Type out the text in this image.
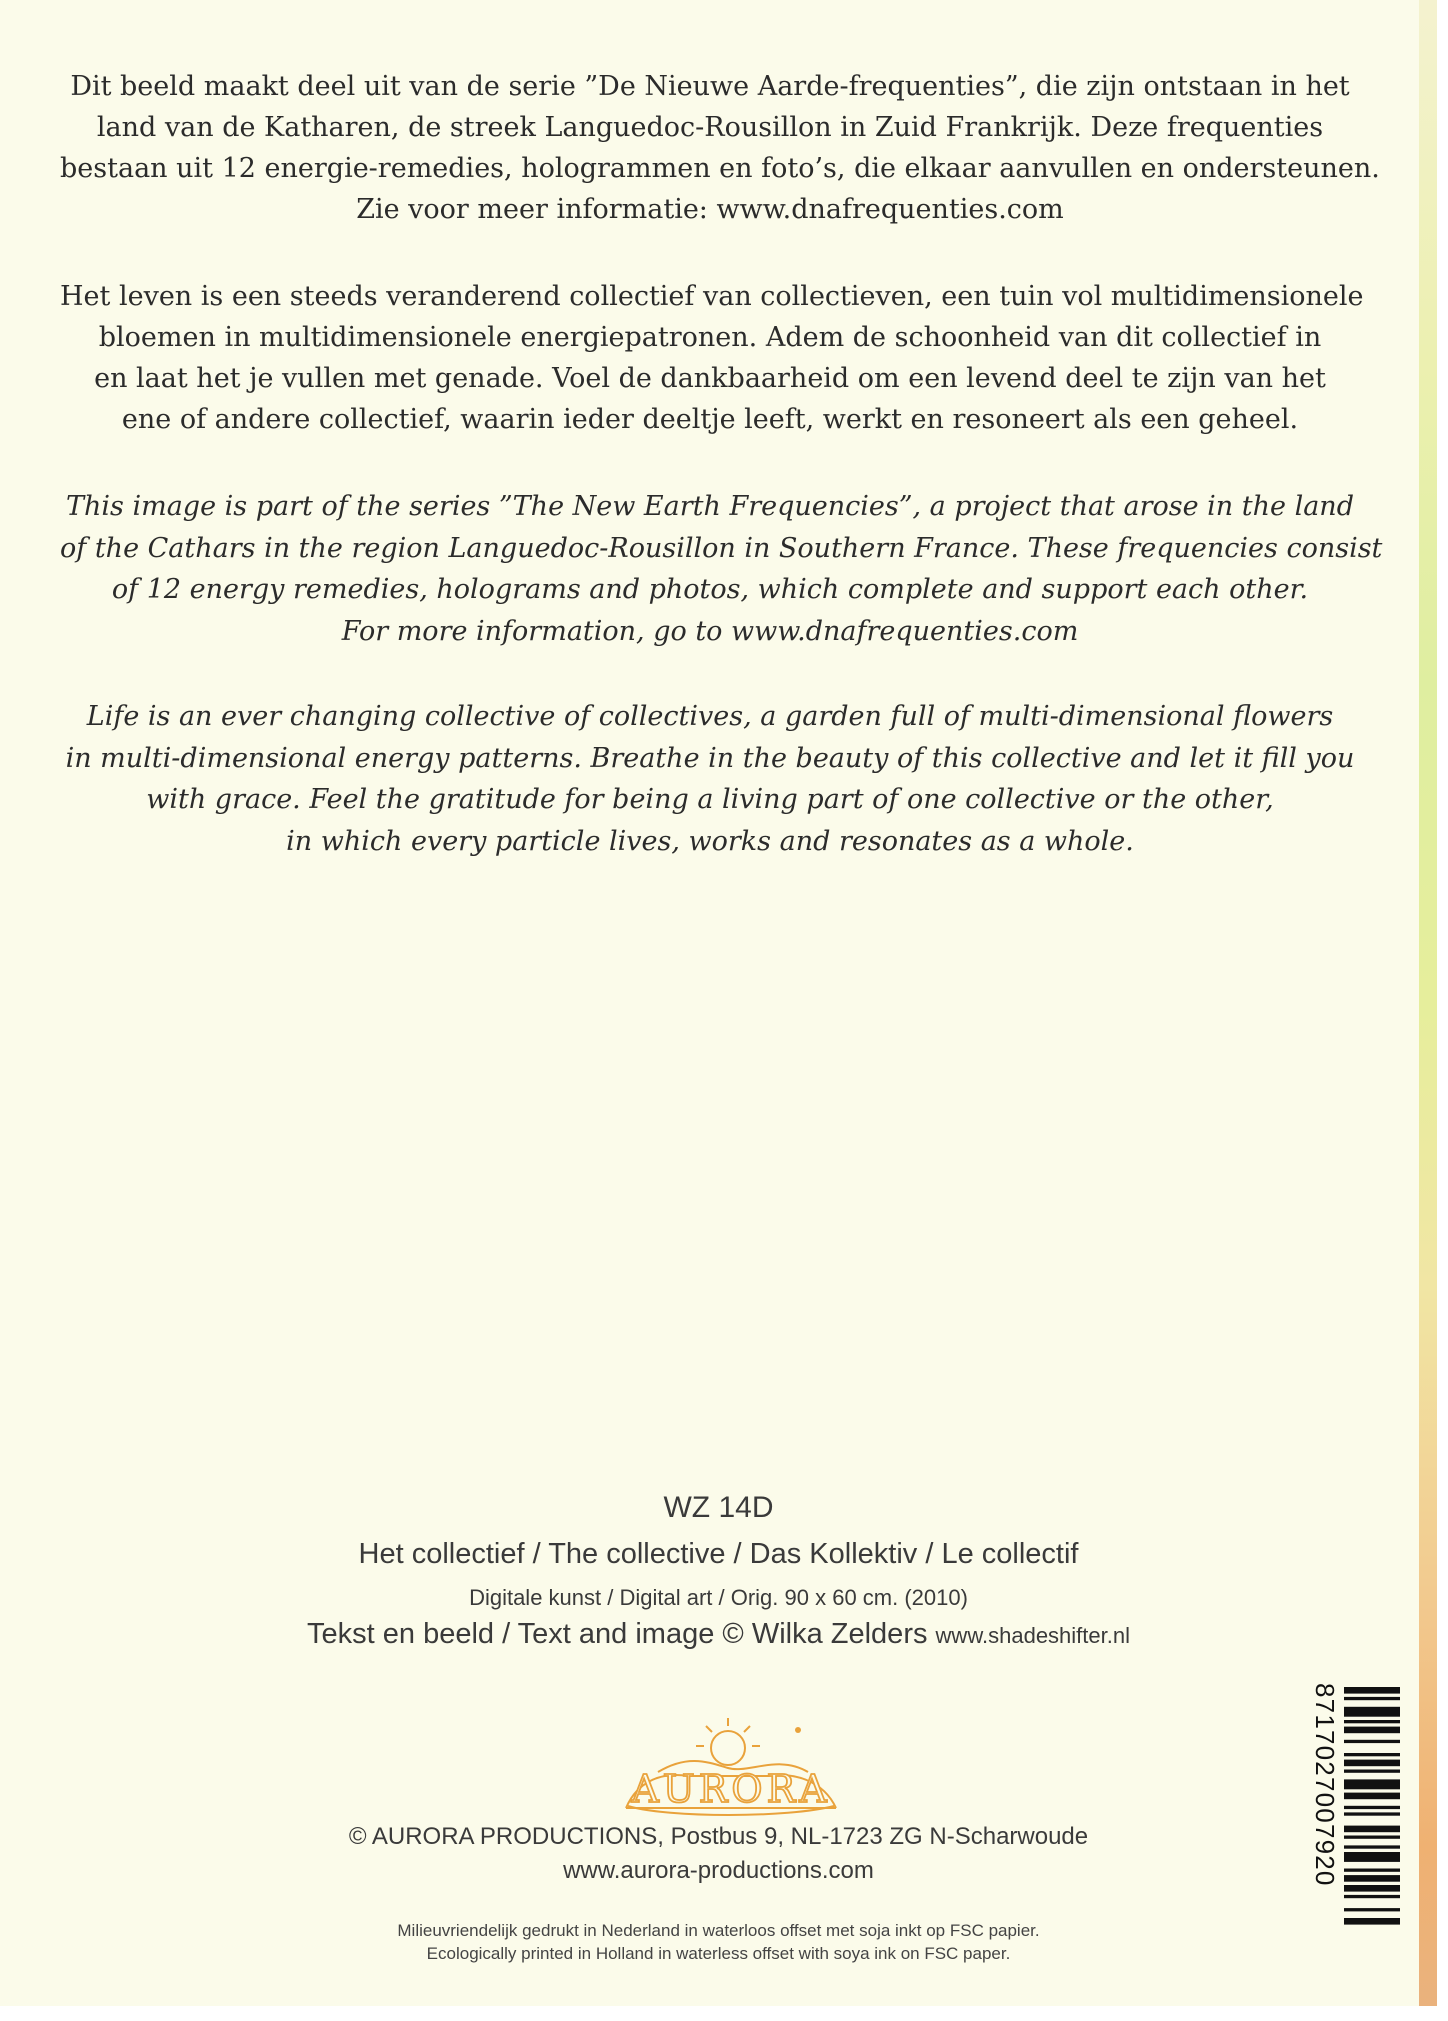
Dit beeld maakt deel uit van de serie ”De Nieuwe Aarde-frequenties”, die zijn ontstaan in het
land van de Katharen, de streek Languedoc-Rousillon in Zuid Frankrijk. Deze frequenties
bestaan uit 12 energie-remedies, hologrammen en foto’s, die elkaar aanvullen en ondersteunen.
Zie voor meer informatie: www.dnafrequenties.com

Het leven is een steeds veranderend collectief van collectieven, een tuin vol multidimensionele
bloemen in multidimensionele energiepatronen. Adem de schoonheid van dit collectief in
en laat het je vullen met genade. Voel de dankbaarheid om een levend deel te zijn van het
ene of andere collectief, waarin ieder deeltje leeft, werkt en resoneert als een geheel.

This image is part of the series ”The New Earth Frequencies”, a project that arose in the land
of the Cathars in the region Languedoc-Rousillon in Southern France. These frequencies consist
of 12 energy remedies, holograms and photos, which complete and support each other.
For more information, go to www.dnafrequenties.com

Life is an ever changing collective of collectives, a garden full of multi-dimensional flowers
in multi-dimensional energy patterns. Breathe in the beauty of this collective and let it fill you
with grace. Feel the gratitude for being a living part of one collective or the other,
in which every particle lives, works and resonates as a whole.

WZ 14D
Het collectief / The collective / Das Kollektiv / Le collectif
Digitale kunst / Digital art / Orig. 90 x 60 cm. (2010)
Tekst en beeld / Text and image © Wilka Zelders www.shadeshifter.nl
AURORA
© AURORA PRODUCTIONS, Postbus 9, NL-1723 ZG N-Scharwoude
www.aurora-productions.com
Milieuvriendelijk gedrukt in Nederland in waterloos offset met soja inkt op FSC papier.
Ecologically printed in Holland in waterless offset with soya ink on FSC paper.
8717027007920
